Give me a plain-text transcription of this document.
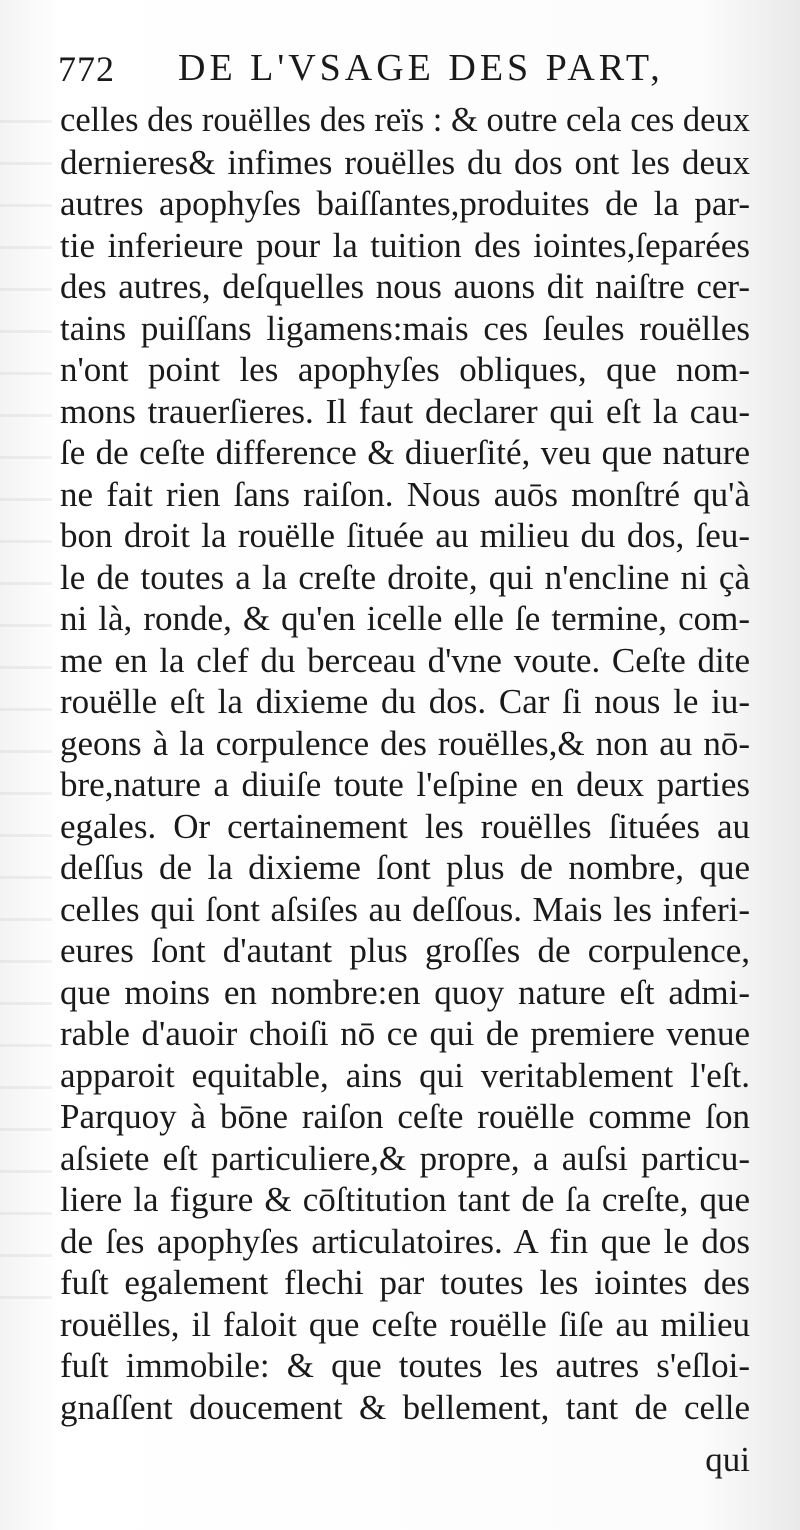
772 DE L'VSAGE DES PART,
celles des rouëlles des reïs : & outre cela ces deux
dernieres& infimes rouëlles du dos ont les deux
autres apophyſes baiſſantes,produites de la par-
tie inferieure pour la tuition des iointes,ſeparées
des autres, deſquelles nous auons dit naiſtre cer-
tains puiſſans ligamens:mais ces ſeules rouëlles
n'ont point les apophyſes obliques, que nom-
mons trauerſieres. Il faut declarer qui eſt la cau-
ſe de ceſte difference & diuerſité, veu que nature
ne fait rien ſans raiſon. Nous auōs monſtré qu'à
bon droit la rouëlle ſituée au milieu du dos, ſeu-
le de toutes a la creſte droite, qui n'encline ni çà
ni là, ronde, & qu'en icelle elle ſe termine, com-
me en la clef du berceau d'vne voute. Ceſte dite
rouëlle eſt la dixieme du dos. Car ſi nous le iu-
geons à la corpulence des rouëlles,& non au nō-
bre,nature a diuiſe toute l'eſpine en deux parties
egales. Or certainement les rouëlles ſituées au
deſſus de la dixieme ſont plus de nombre, que
celles qui ſont aſsiſes au deſſous. Mais les inferi-
eures ſont d'autant plus groſſes de corpulence,
que moins en nombre:en quoy nature eſt admi-
rable d'auoir choiſi nō ce qui de premiere venue
apparoit equitable, ains qui veritablement l'eſt.
Parquoy à bōne raiſon ceſte rouëlle comme ſon
aſsiete eſt particuliere,& propre, a auſsi particu-
liere la figure & cōſtitution tant de ſa creſte, que
de ſes apophyſes articulatoires. A fin que le dos
fuſt egalement flechi par toutes les iointes des
rouëlles, il faloit que ceſte rouëlle ſiſe au milieu
fuſt immobile: & que toutes les autres s'eſloi-
gnaſſent doucement & bellement, tant de celle
qui
